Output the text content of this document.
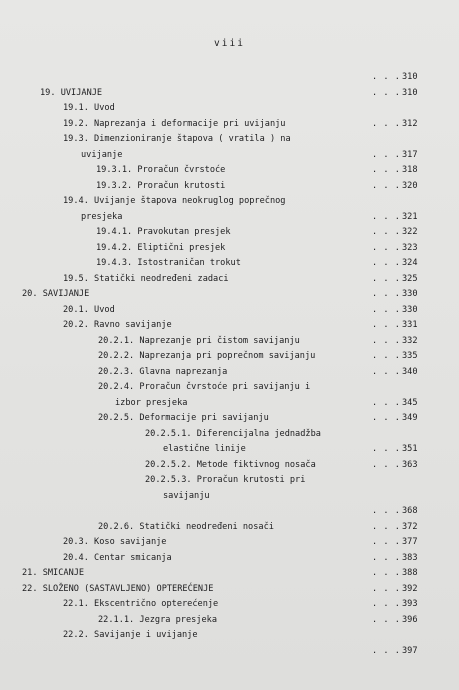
viii
. . . 310
19. UVIJANJE	. . . 310
19.1. Uvod
19.2. Naprezanja i deformacije pri uvijanju	. . . 312
19.3. Dimenzioniranje štapova ( vratila ) na
uvijanje	. . . 317
19.3.1. Proračun čvrstoće	. . . 318
19.3.2. Proračun krutosti	. . . 320
19.4. Uvijanje štapova neokruglog poprečnog
presjeka	. . . 321
19.4.1. Pravokutan presjek	. . . 322
19.4.2. Eliptični presjek	. . . 323
19.4.3. Istostraničan trokut	. . . 324
19.5. Statički neodređeni zadaci	. . . 325
20. SAVIJANJE	. . . 330
20.1. Uvod	. . . 330
20.2. Ravno savijanje	. . . 331
20.2.1. Naprezanje pri čistom savijanju	. . . 332
20.2.2. Naprezanja pri poprečnom savijanju	. . . 335
20.2.3. Glavna naprezanja	. . . 340
20.2.4. Proračun čvrstoće pri savijanju i
izbor presjeka	. . . 345
20.2.5. Deformacije pri savijanju	. . . 349
20.2.5.1. Diferencijalna jednadžba
elastične linije	. . . 351
20.2.5.2. Metode fiktivnog nosača	. . . 363
20.2.5.3. Proračun krutosti pri
savijanju
. . . 368
20.2.6. Statički neodređeni nosači	. . . 372
20.3. Koso savijanje	. . . 377
20.4. Centar smicanja	. . . 383
21. SMICANJE	. . . 388
22. SLOŽENO (SASTAVLJENO) OPTEREĆENJE	. . . 392
22.1. Ekscentrično opterećenje	. . . 393
22.1.1. Jezgra presjeka	. . . 396
22.2. Savijanje i uvijanje
. . . 397
